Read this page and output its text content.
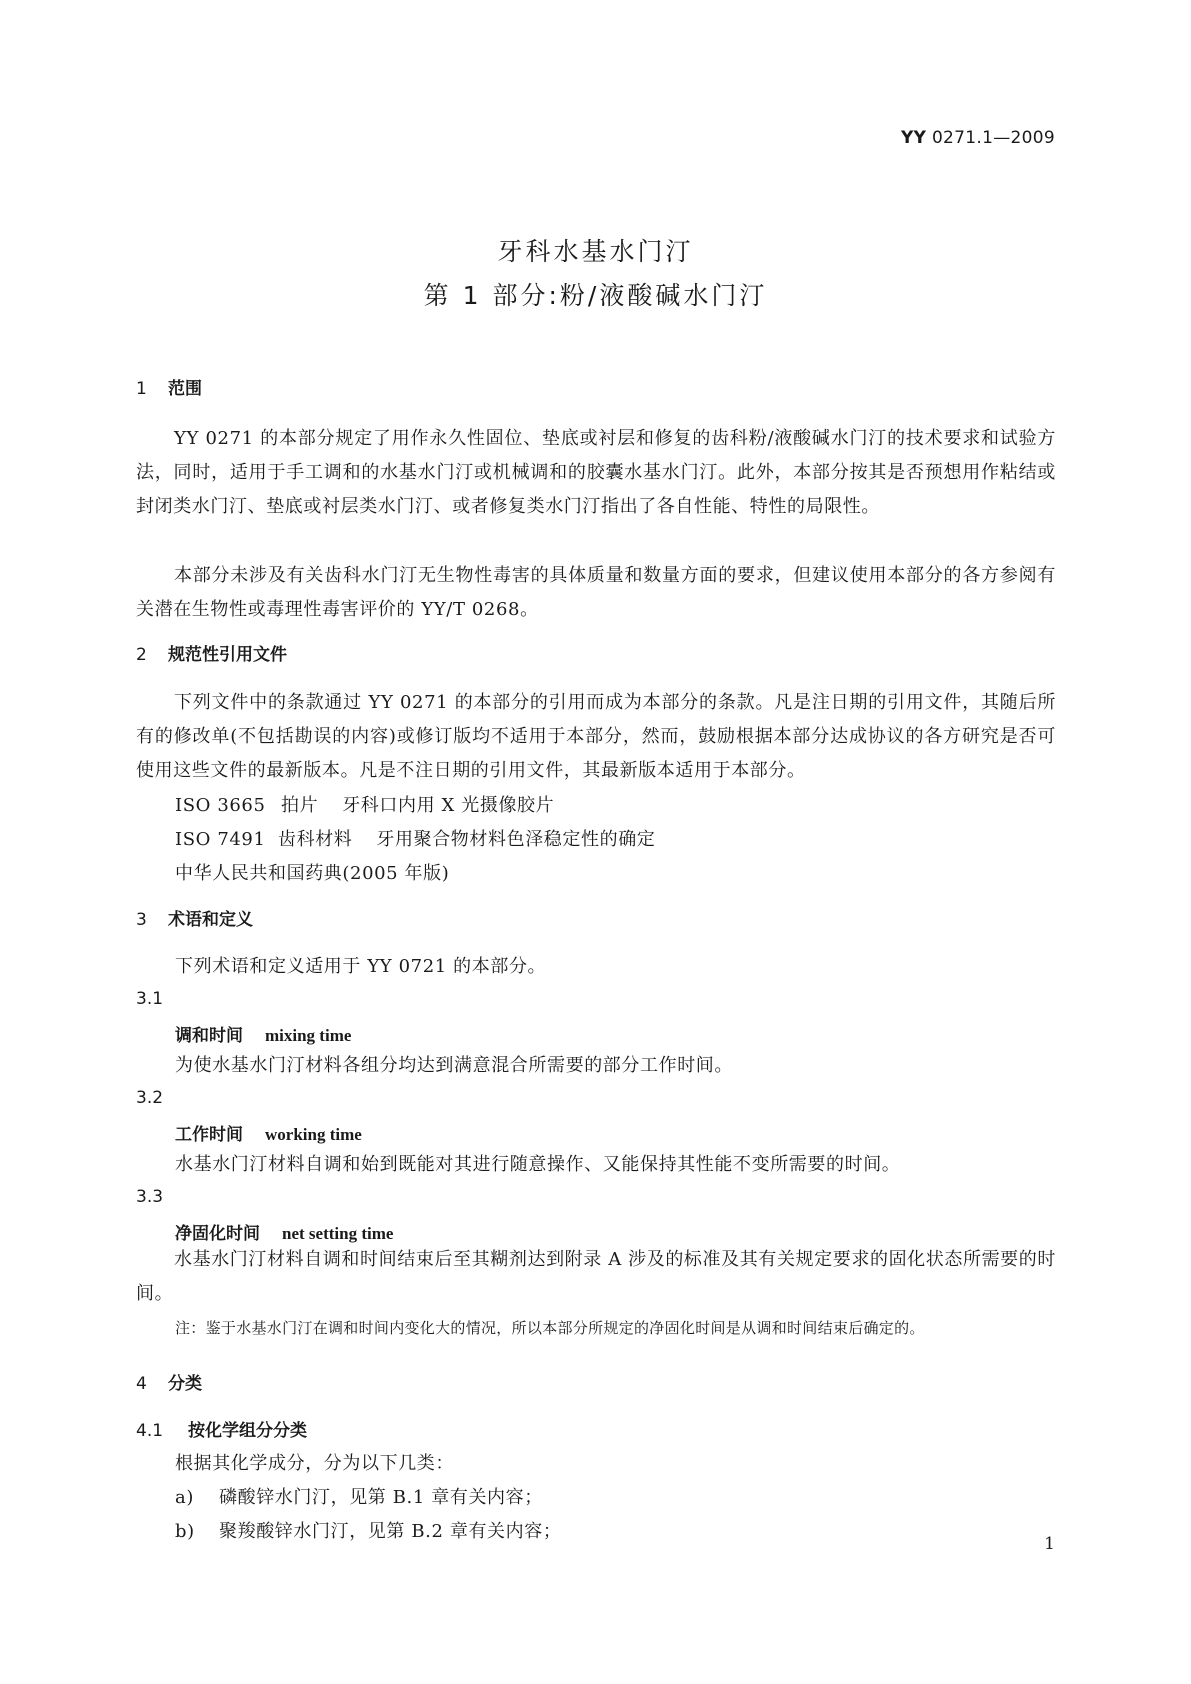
YY 0271.1—2009
牙科水基水门汀
第 1 部分:粉/液酸碱水门汀
1 范围
YY 0271 的本部分规定了用作永久性固位、垫底或衬层和修复的齿科粉/液酸碱水门汀的技术要求和试验方法，同时，适用于手工调和的水基水门汀或机械调和的胶囊水基水门汀。此外，本部分按其是否预想用作粘结或封闭类水门汀、垫底或衬层类水门汀、或者修复类水门汀指出了各自性能、特性的局限性。
本部分未涉及有关齿科水门汀无生物性毒害的具体质量和数量方面的要求，但建议使用本部分的各方参阅有关潜在生物性或毒理性毒害评价的 YY/T 0268。
2 规范性引用文件
下列文件中的条款通过 YY 0271 的本部分的引用而成为本部分的条款。凡是注日期的引用文件，其随后所有的修改单(不包括勘误的内容)或修订版均不适用于本部分，然而，鼓励根据本部分达成协议的各方研究是否可使用这些文件的最新版本。凡是不注日期的引用文件，其最新版本适用于本部分。
ISO 3665 拍片 牙科口内用 X 光摄像胶片
ISO 7491 齿科材料 牙用聚合物材料色泽稳定性的确定
中华人民共和国药典(2005 年版)
3 术语和定义
下列术语和定义适用于 YY 0721 的本部分。
3.1
调和时间 mixing time
为使水基水门汀材料各组分均达到满意混合所需要的部分工作时间。
3.2
工作时间 working time
水基水门汀材料自调和始到既能对其进行随意操作、又能保持其性能不变所需要的时间。
3.3
净固化时间 net setting time
水基水门汀材料自调和时间结束后至其糊剂达到附录 A 涉及的标准及其有关规定要求的固化状态所需要的时间。
注：鉴于水基水门汀在调和时间内变化大的情况，所以本部分所规定的净固化时间是从调和时间结束后确定的。
4 分类
4.1 按化学组分分类
根据其化学成分，分为以下几类：
a) 磷酸锌水门汀，见第 B.1 章有关内容；
b) 聚羧酸锌水门汀，见第 B.2 章有关内容；
1
